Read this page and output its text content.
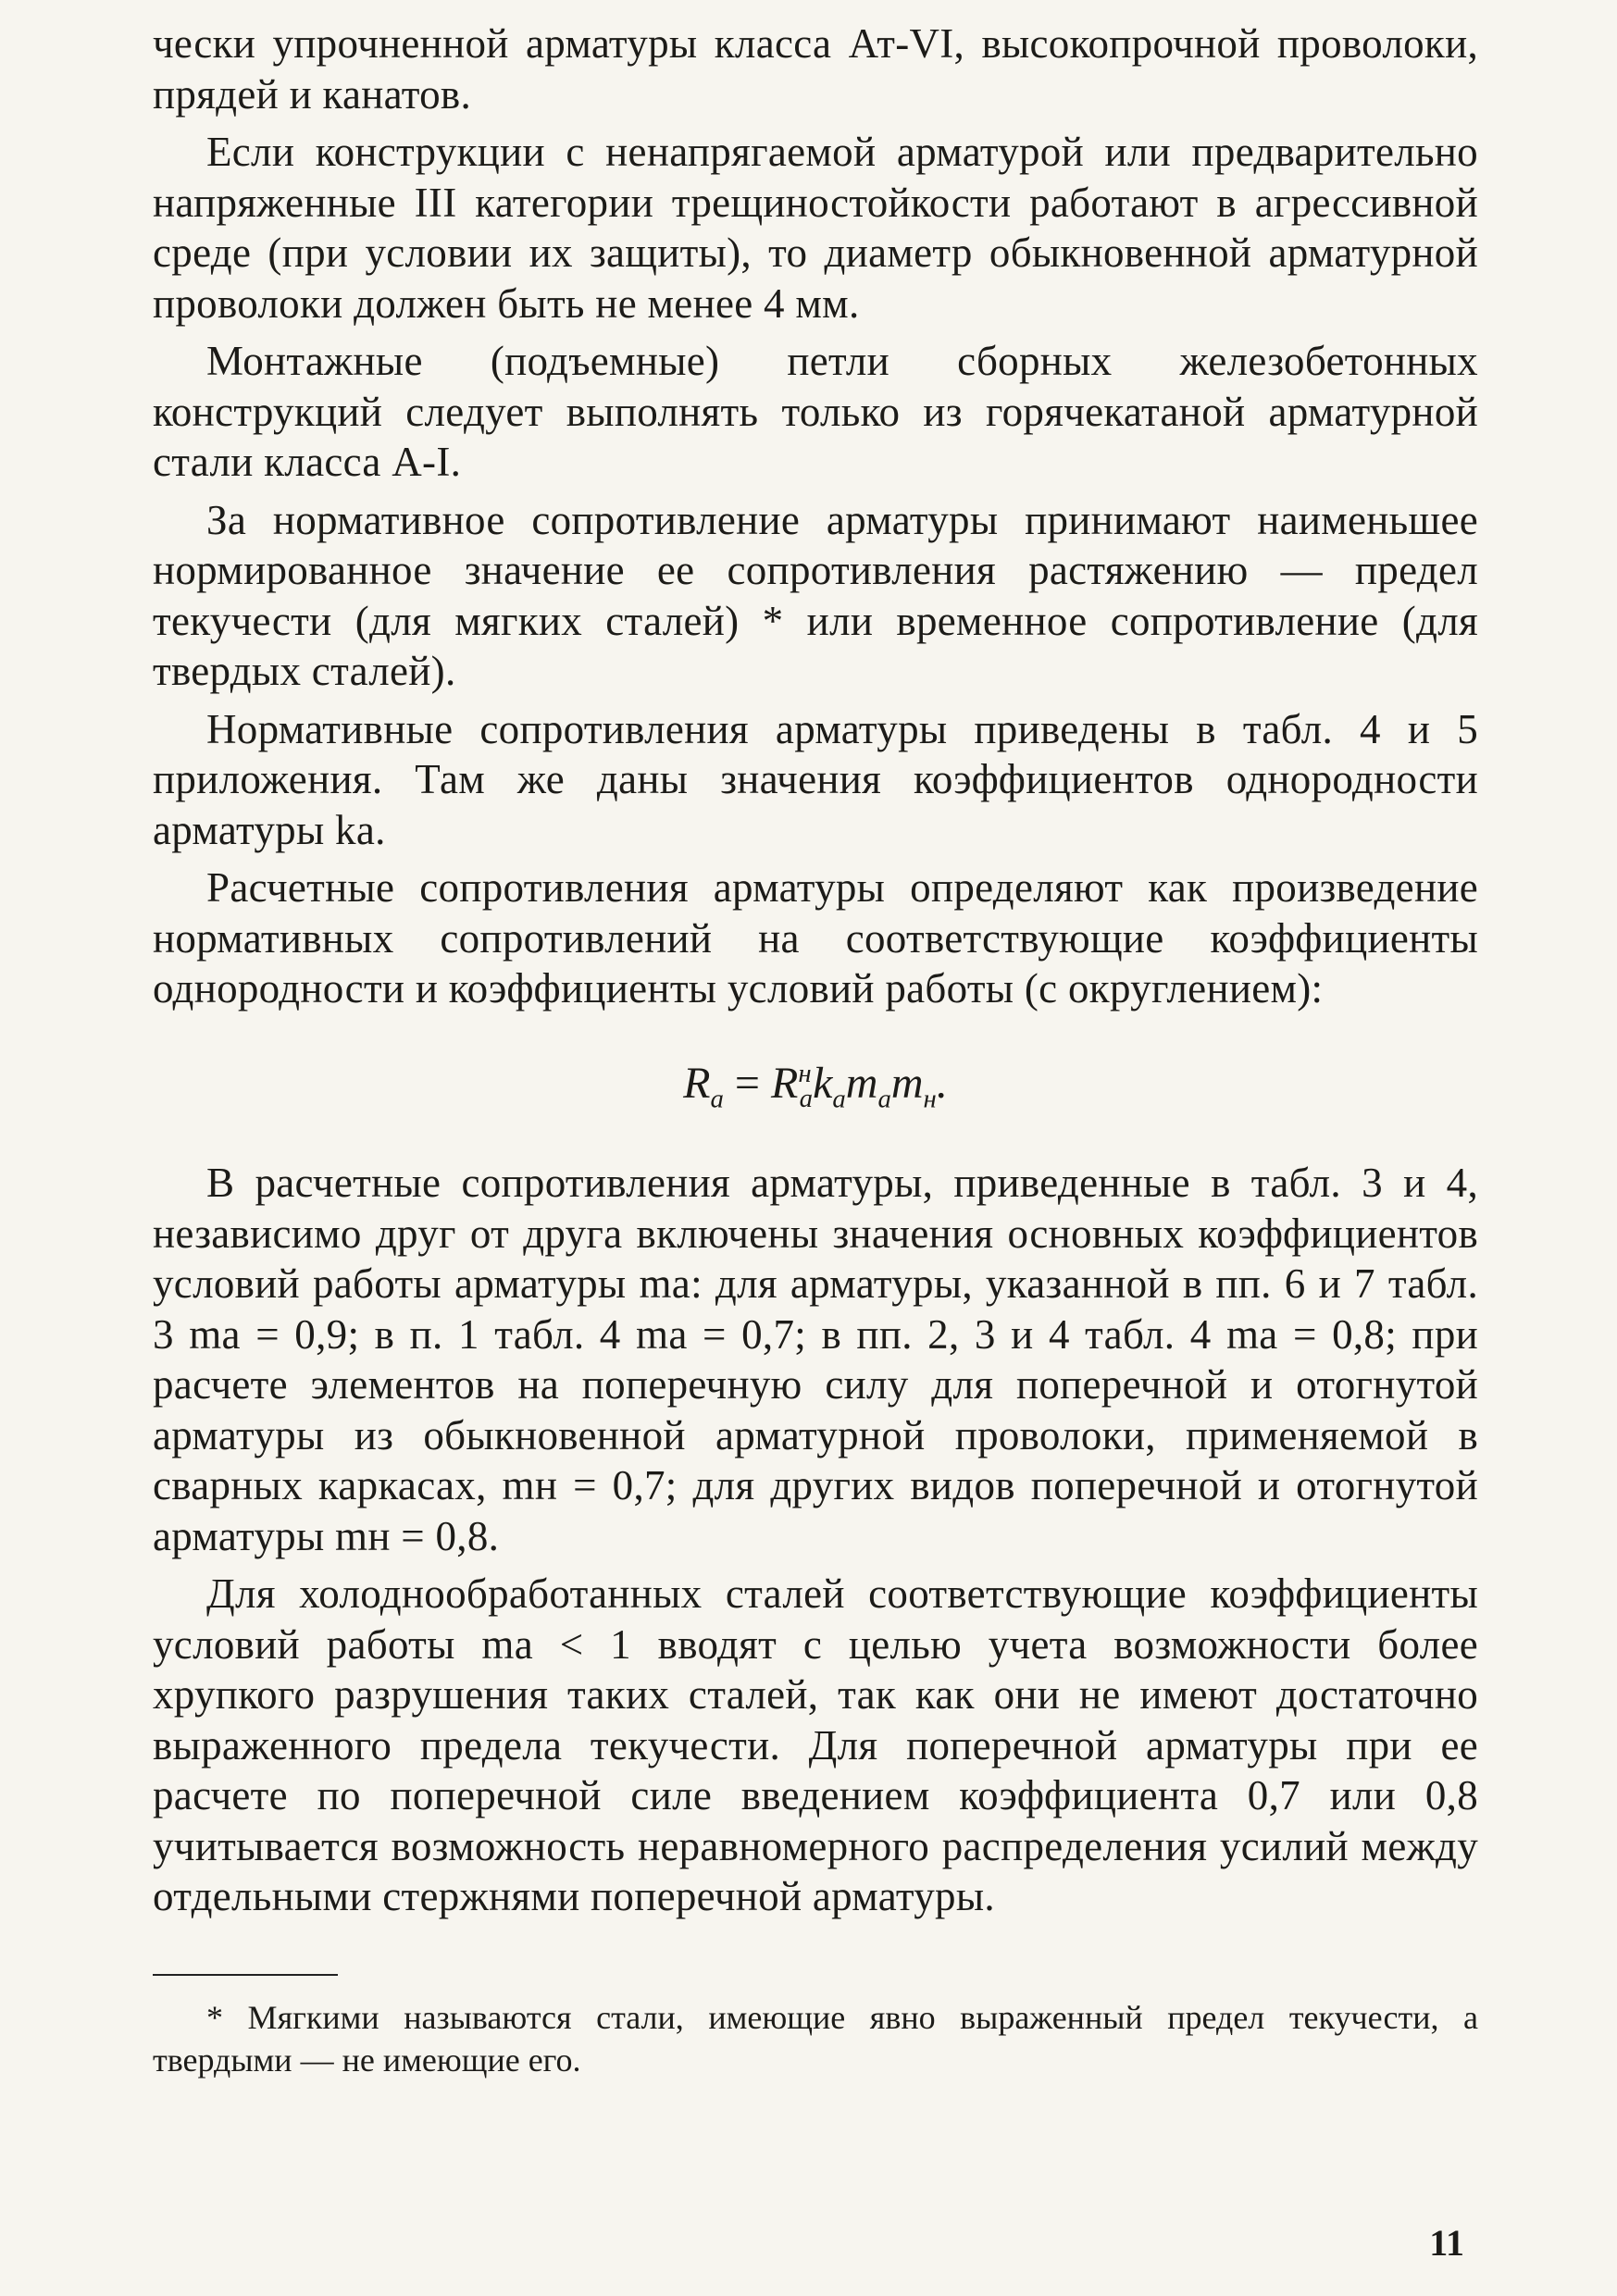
чески упрочненной арматуры класса Ат-VI, высокопрочной проволоки, прядей и канатов.

Если конструкции с ненапрягаемой арматурой или предварительно напряженные III категории трещиностойкости работают в агрессивной среде (при условии их защиты), то диаметр обыкновенной арматурной проволоки должен быть не менее 4 мм.

Монтажные (подъемные) петли сборных железобетонных конструкций следует выполнять только из горячекатаной арматурной стали класса А-I.

За нормативное сопротивление арматуры принимают наименьшее нормированное значение ее сопротивления растяжению — предел текучести (для мягких сталей) * или временное сопротивление (для твердых сталей).

Нормативные сопротивления арматуры приведены в табл. 4 и 5 приложения. Там же даны значения коэффициентов однородности арматуры kа.

Расчетные сопротивления арматуры определяют как произведение нормативных сопротивлений на соответствующие коэффициенты однородности и коэффициенты условий работы (с округлением):

$R_а = R^н_аk_аm_аm_н$.

В расчетные сопротивления арматуры, приведенные в табл. 3 и 4, независимо друг от друга включены значения основных коэффициентов условий работы арматуры mа: для арматуры, указанной в пп. 6 и 7 табл. 3 mа = 0,9; в п. 1 табл. 4 mа = 0,7; в пп. 2, 3 и 4 табл. 4 mа = 0,8; при расчете элементов на поперечную силу для поперечной и отогнутой арматуры из обыкновенной арматурной проволоки, применяемой в сварных каркасах, mн = 0,7; для других видов поперечной и отогнутой арматуры mн = 0,8.

Для холоднообработанных сталей соответствующие коэффициенты условий работы mа < 1 вводят с целью учета возможности более хрупкого разрушения таких сталей, так как они не имеют достаточно выраженного предела текучести. Для поперечной арматуры при ее расчете по поперечной силе введением коэффициента 0,7 или 0,8 учитывается возможность неравномерного распределения усилий между отдельными стержнями поперечной арматуры.

* Мягкими называются стали, имеющие явно выраженный предел текучести, а твердыми — не имеющие его.

11
